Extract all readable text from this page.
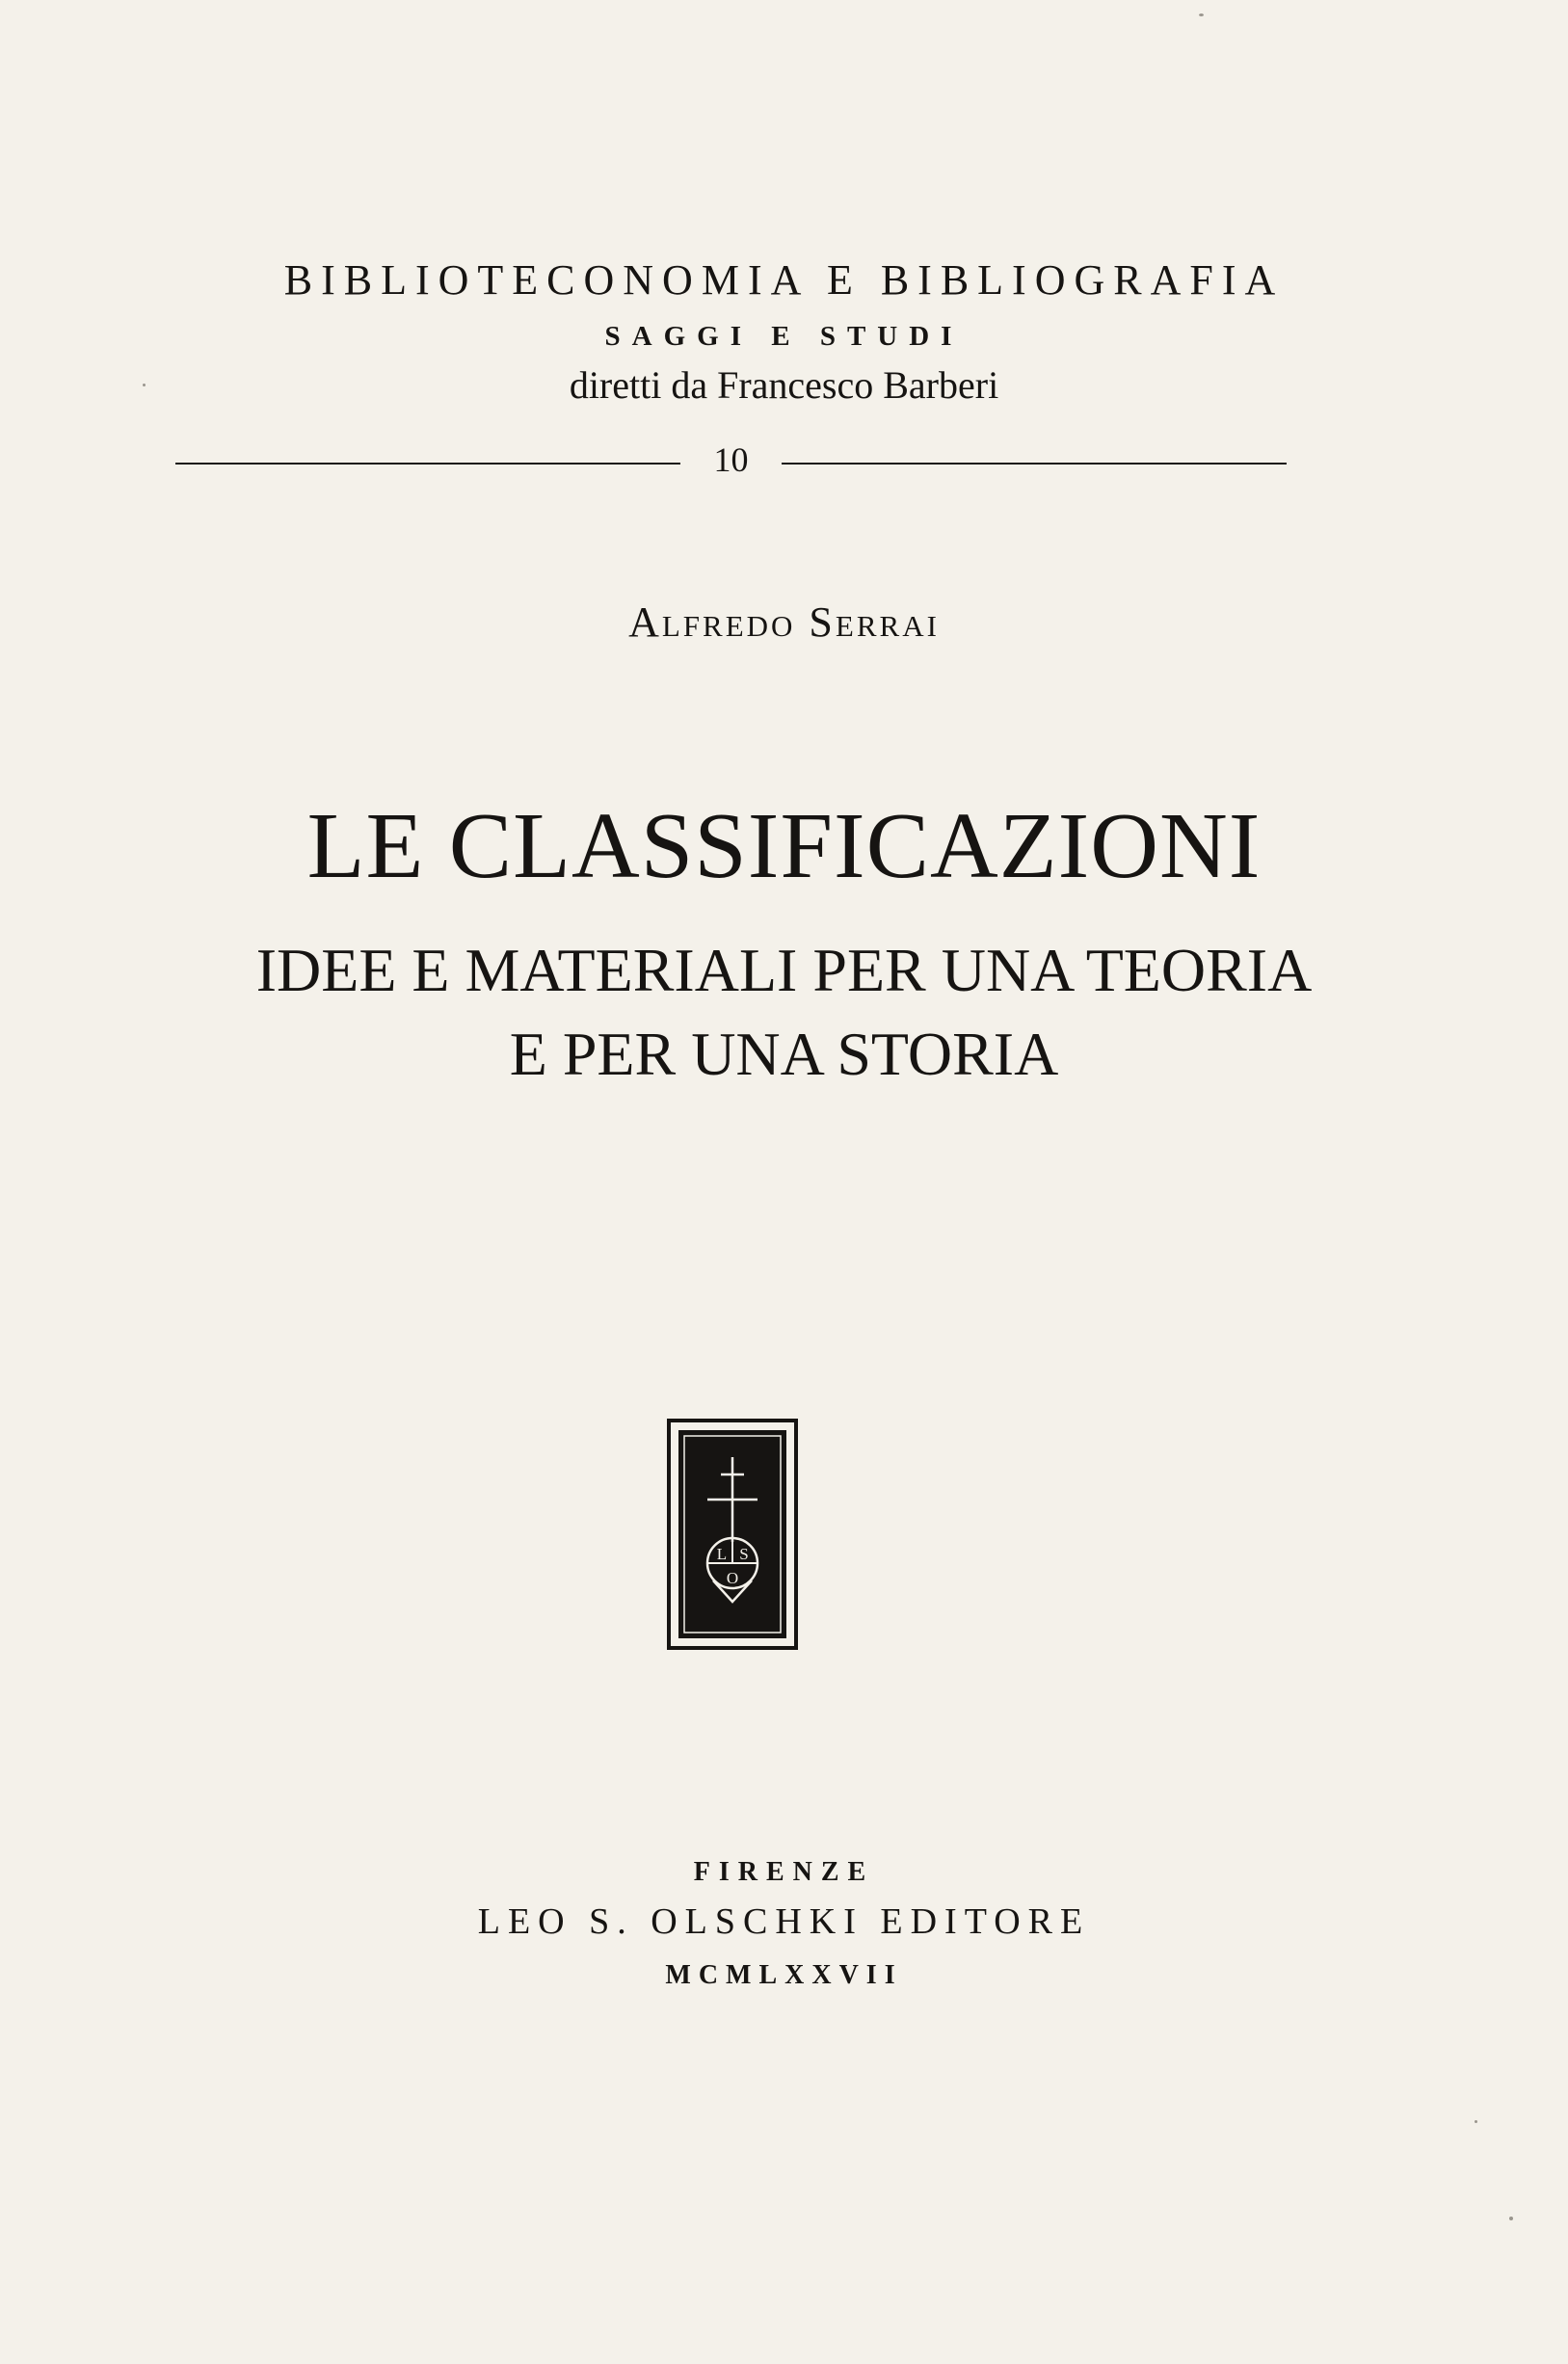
BIBLIOTECONOMIA E BIBLIOGRAFIA
SAGGI E STUDI
diretti da Francesco Barberi
10
Alfredo Serrai
LE CLASSIFICAZIONI
IDEE E MATERIALI PER UNA TEORIA
E PER UNA STORIA
L S
O
FIRENZE
LEO S. OLSCHKI EDITORE
MCMLXXVII
